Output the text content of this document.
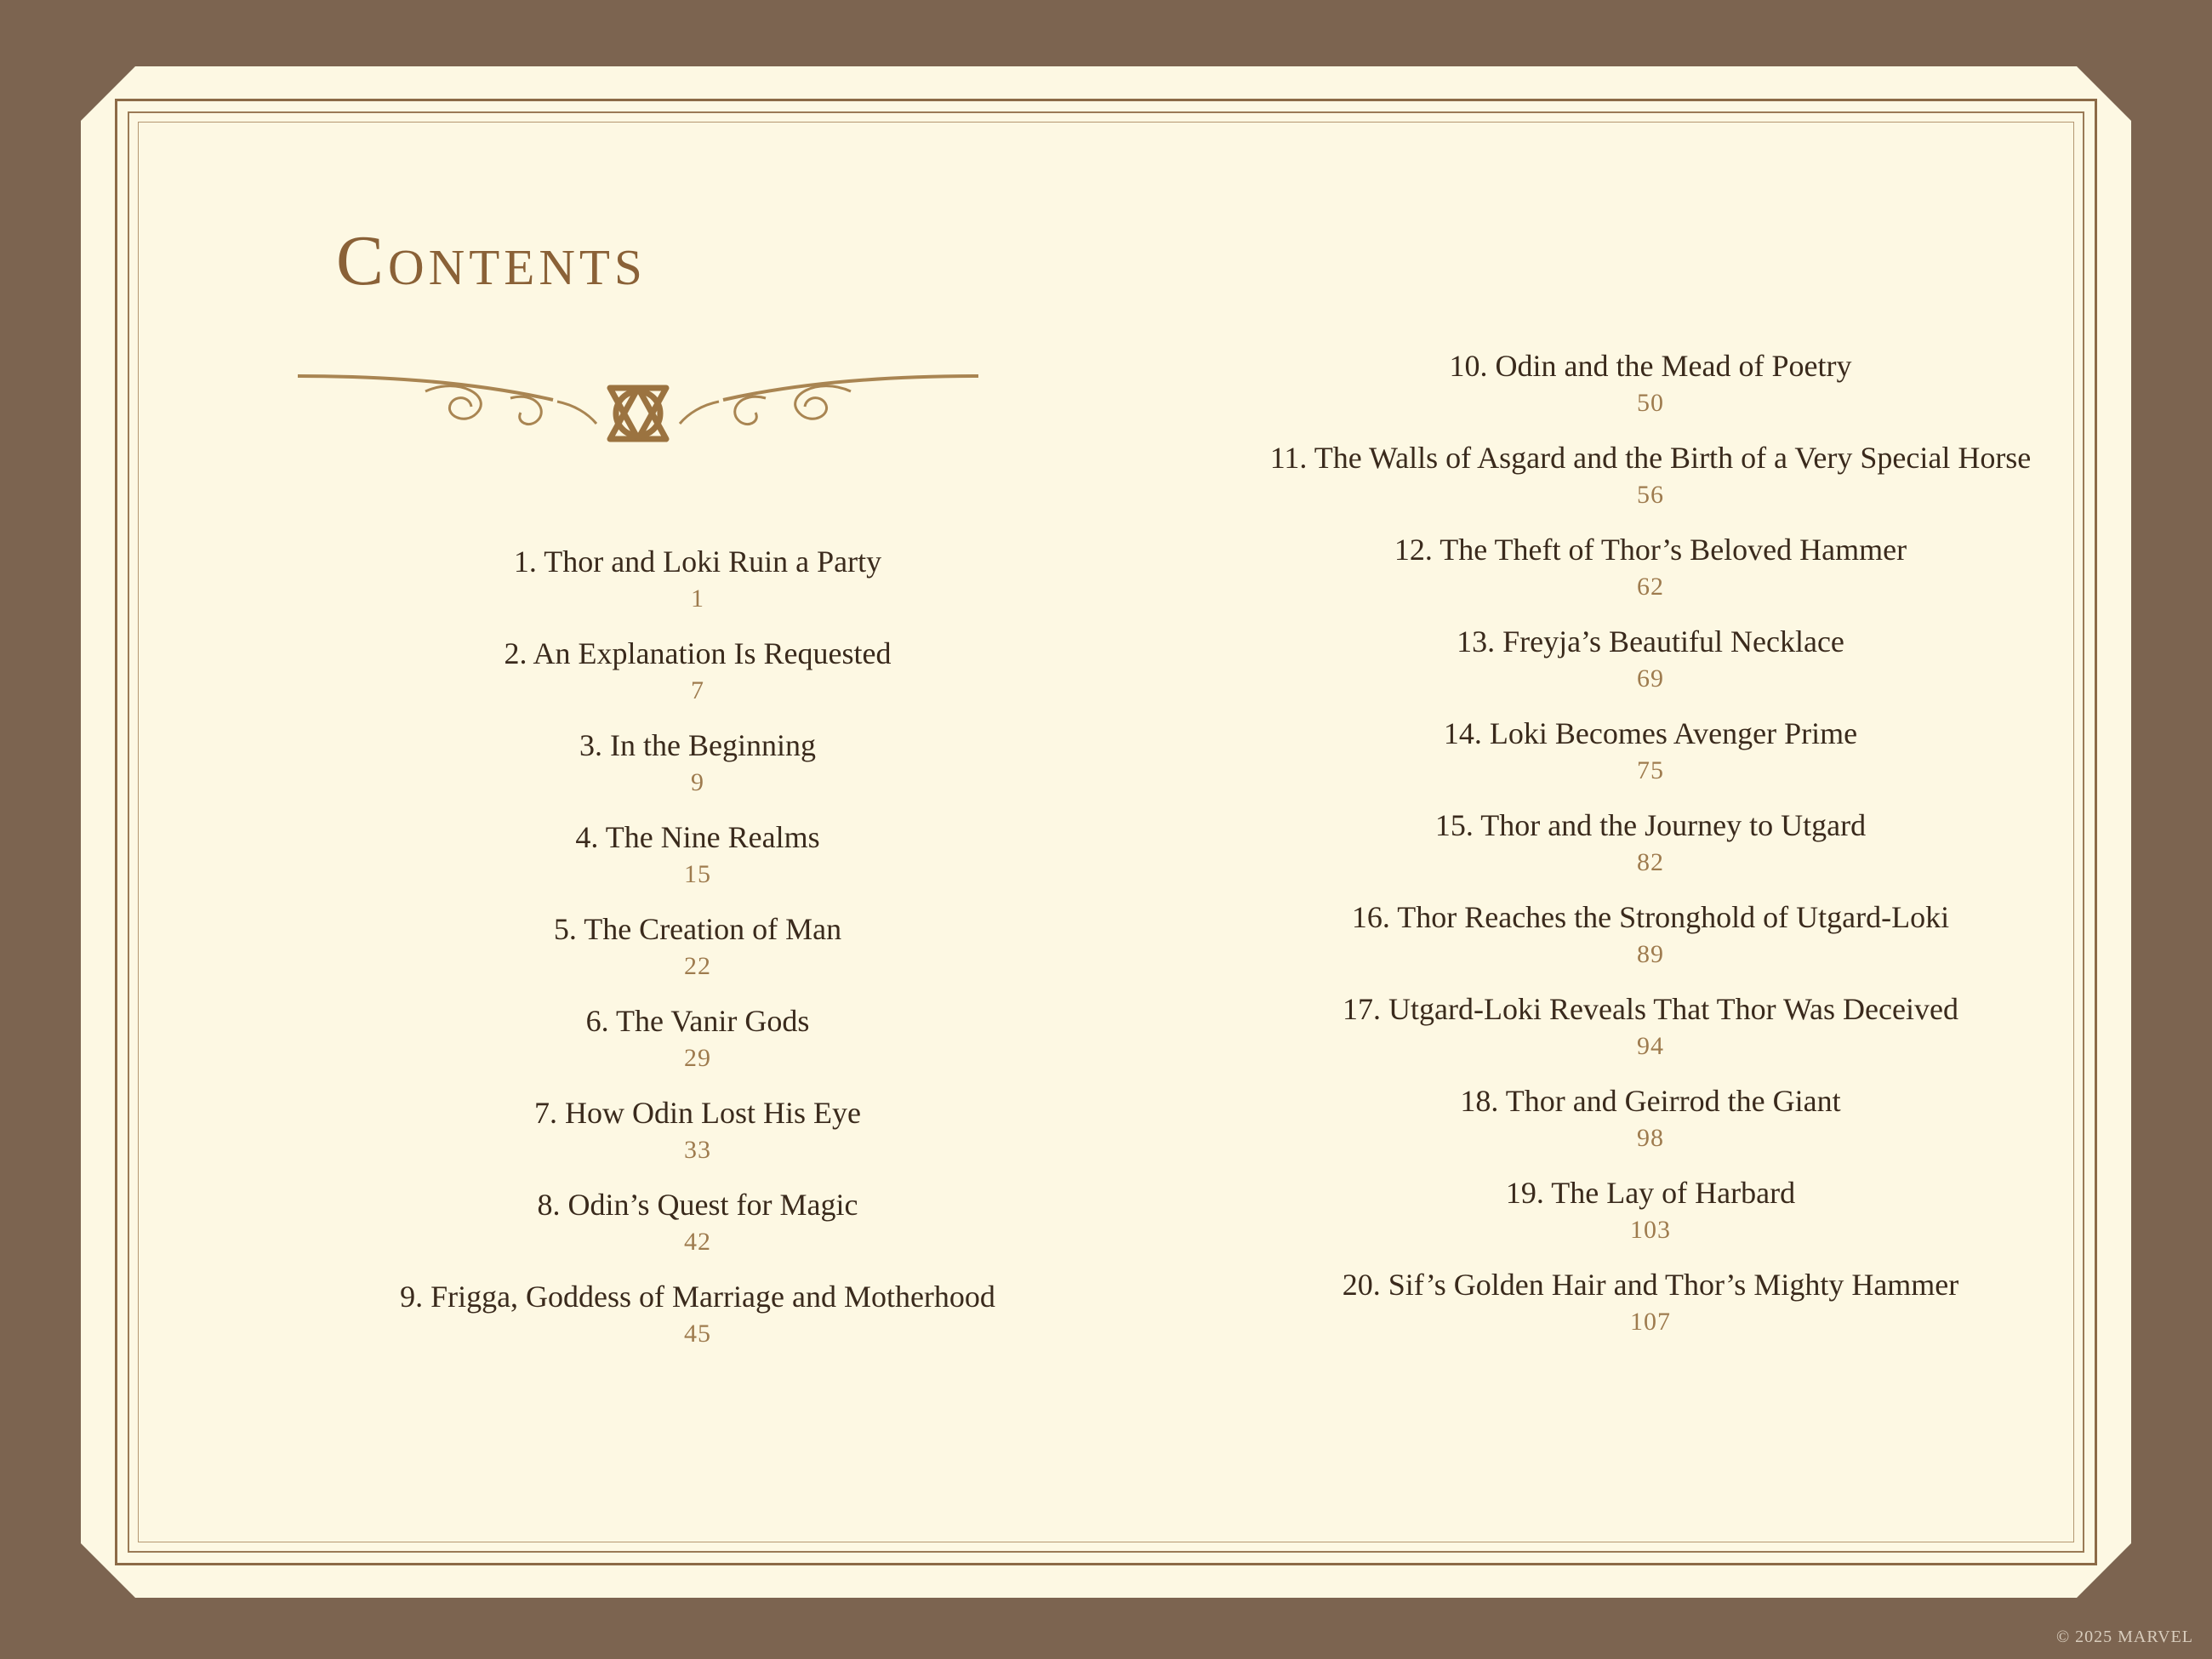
Contents
1. Thor and Loki Ruin a Party
1
2. An Explanation Is Requested
7
3. In the Beginning
9
4. The Nine Realms
15
5. The Creation of Man
22
6. The Vanir Gods
29
7. How Odin Lost His Eye
33
8. Odin’s Quest for Magic
42
9. Frigga, Goddess of Marriage and Motherhood
45
10. Odin and the Mead of Poetry
50
11. The Walls of Asgard and the Birth of a Very Special Horse
56
12. The Theft of Thor’s Beloved Hammer
62
13. Freyja’s Beautiful Necklace
69
14. Loki Becomes Avenger Prime
75
15. Thor and the Journey to Utgard
82
16. Thor Reaches the Stronghold of Utgard-Loki
89
17. Utgard-Loki Reveals That Thor Was Deceived
94
18. Thor and Geirrod the Giant
98
19. The Lay of Harbard
103
20. Sif’s Golden Hair and Thor’s Mighty Hammer
107
© 2025 MARVEL
